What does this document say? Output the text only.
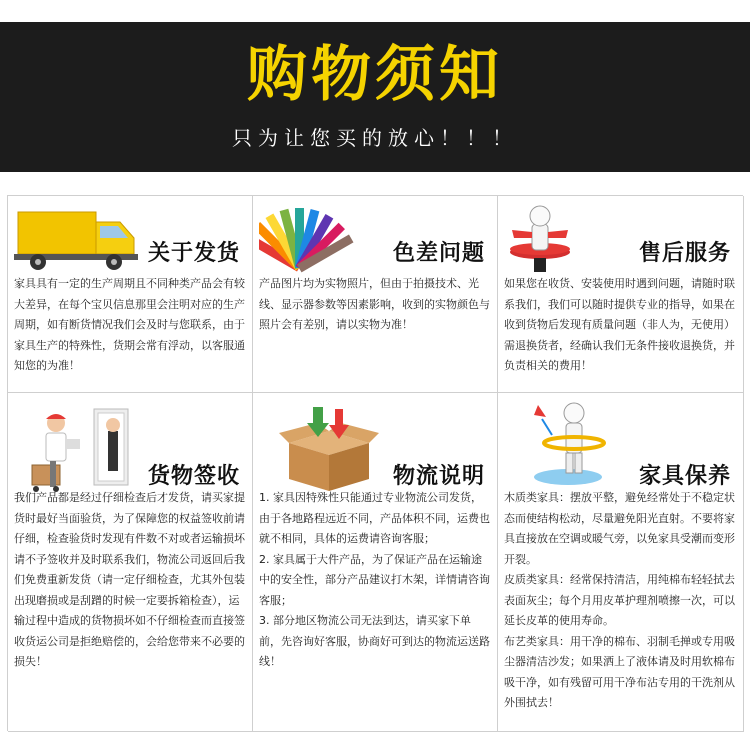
购物须知
只为让您买的放心！！！
关于发货

家具具有一定的生产周期且不同种类产品会有较大差异，在每个宝贝信息那里会注明对应的生产周期，如有断货情况我们会及时与您联系，由于家具生产的特殊性，货期会常有浮动，以客服通知您的为准！

色差问题

产品图片均为实物照片，但由于拍摄技术、光线、显示器参数等因素影响，收到的实物颜色与照片会有差别，请以实物为准！

售后服务

如果您在收货、安装使用时遇到问题，请随时联系我们，我们可以随时提供专业的指导，如果在收到货物后发现有质量问题（非人为，无使用）需退换货者，经确认我们无条件接收退换货，并负责相关的费用！

货物签收

我们产品都是经过仔细检查后才发货，请买家提货时最好当面验货，为了保障您的权益签收前请仔细，检查验货时发现有件数不对或者运输损坏请不予签收并及时联系我们，物流公司返回后我们免费重新发货（请一定仔细检查，尤其外包装出现磨损或是刮蹭的时候一定要拆箱检查），运输过程中造成的货物损坏如不仔细检查而直接签收货运公司是拒绝赔偿的，会给您带来不必要的损失！

物流说明

1. 家具因特殊性只能通过专业物流公司发货，由于各地路程远近不同，产品体积不同，运费也就不相同，具体的运费请咨询客服；

2. 家具属于大件产品，为了保证产品在运输途中的安全性，部分产品建议打木架，详情请咨询客服；

3. 部分地区物流公司无法到达，请买家下单前，先咨询好客服，协商好可到达的物流运送路线！

家具保养

木质类家具：摆放平整，避免经常处于不稳定状态而使结构松动，尽量避免阳光直射。不要将家具直接放在空调或暖气旁，以免家具受潮而变形开裂。

皮质类家具：经常保持清洁，用纯棉布轻轻拭去表面灰尘；每个月用皮革护理剂喷擦一次，可以延长皮革的使用寿命。

布艺类家具：用干净的棉布、羽制毛掸或专用吸尘器清洁沙发；如果洒上了液体请及时用软棉布吸干净，如有残留可用干净布沾专用的干洗剂从外围拭去！
